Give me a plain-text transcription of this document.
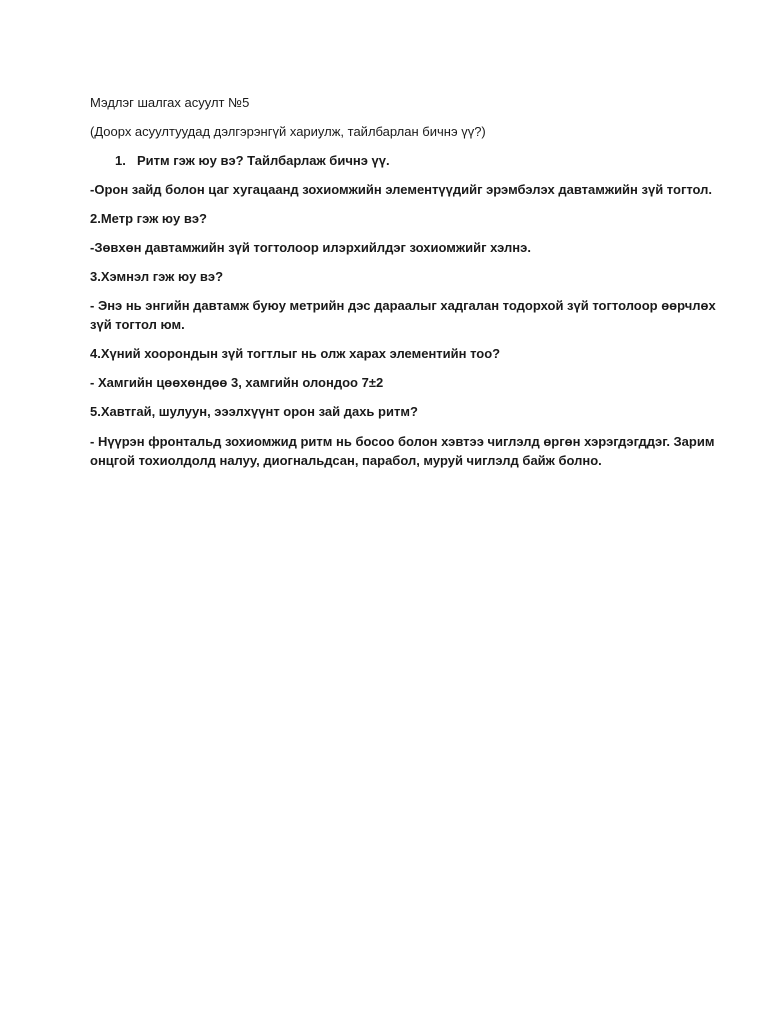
Мэдлэг шалгах асуулт №5
(Доорх асуултуудад дэлгэрэнгүй хариулж, тайлбарлан бичнэ үү?)
1. Ритм гэж юу вэ? Тайлбарлаж бичнэ үү.
-Орон зайд болон цаг хугацаанд зохиомжийн элементүүдийг эрэмбэлэх давтамжийн зүй тогтол.
2.Метр гэж юу вэ?
-Зөвхөн давтамжийн зүй тогтолоор илэрхийлдэг зохиомжийг хэлнэ.
3.Хэмнэл гэж юу вэ?
- Энэ нь энгийн давтамж буюу метрийн дэс дараалыг хадгалан тодорхой зүй тогтолоор өөрчлөх
зүй тогтол юм.
4.Хүний хоорондын зүй тогтлыг нь олж харах элементийн тоо?
- Хамгийн цөөхөндөө 3, хамгийн олондоо 7±2
5.Хавтгай, шулуун, эээлхүүнт орон зай дахь ритм?
- Нүүрэн фронтальд зохиомжид ритм нь босоо болон хэвтээ чиглэлд өргөн хэрэгдэгддэг. Зарим
онцгой тохиолдолд налуу, диогнальдсан, парабол, муруй чиглэлд байж болно.
